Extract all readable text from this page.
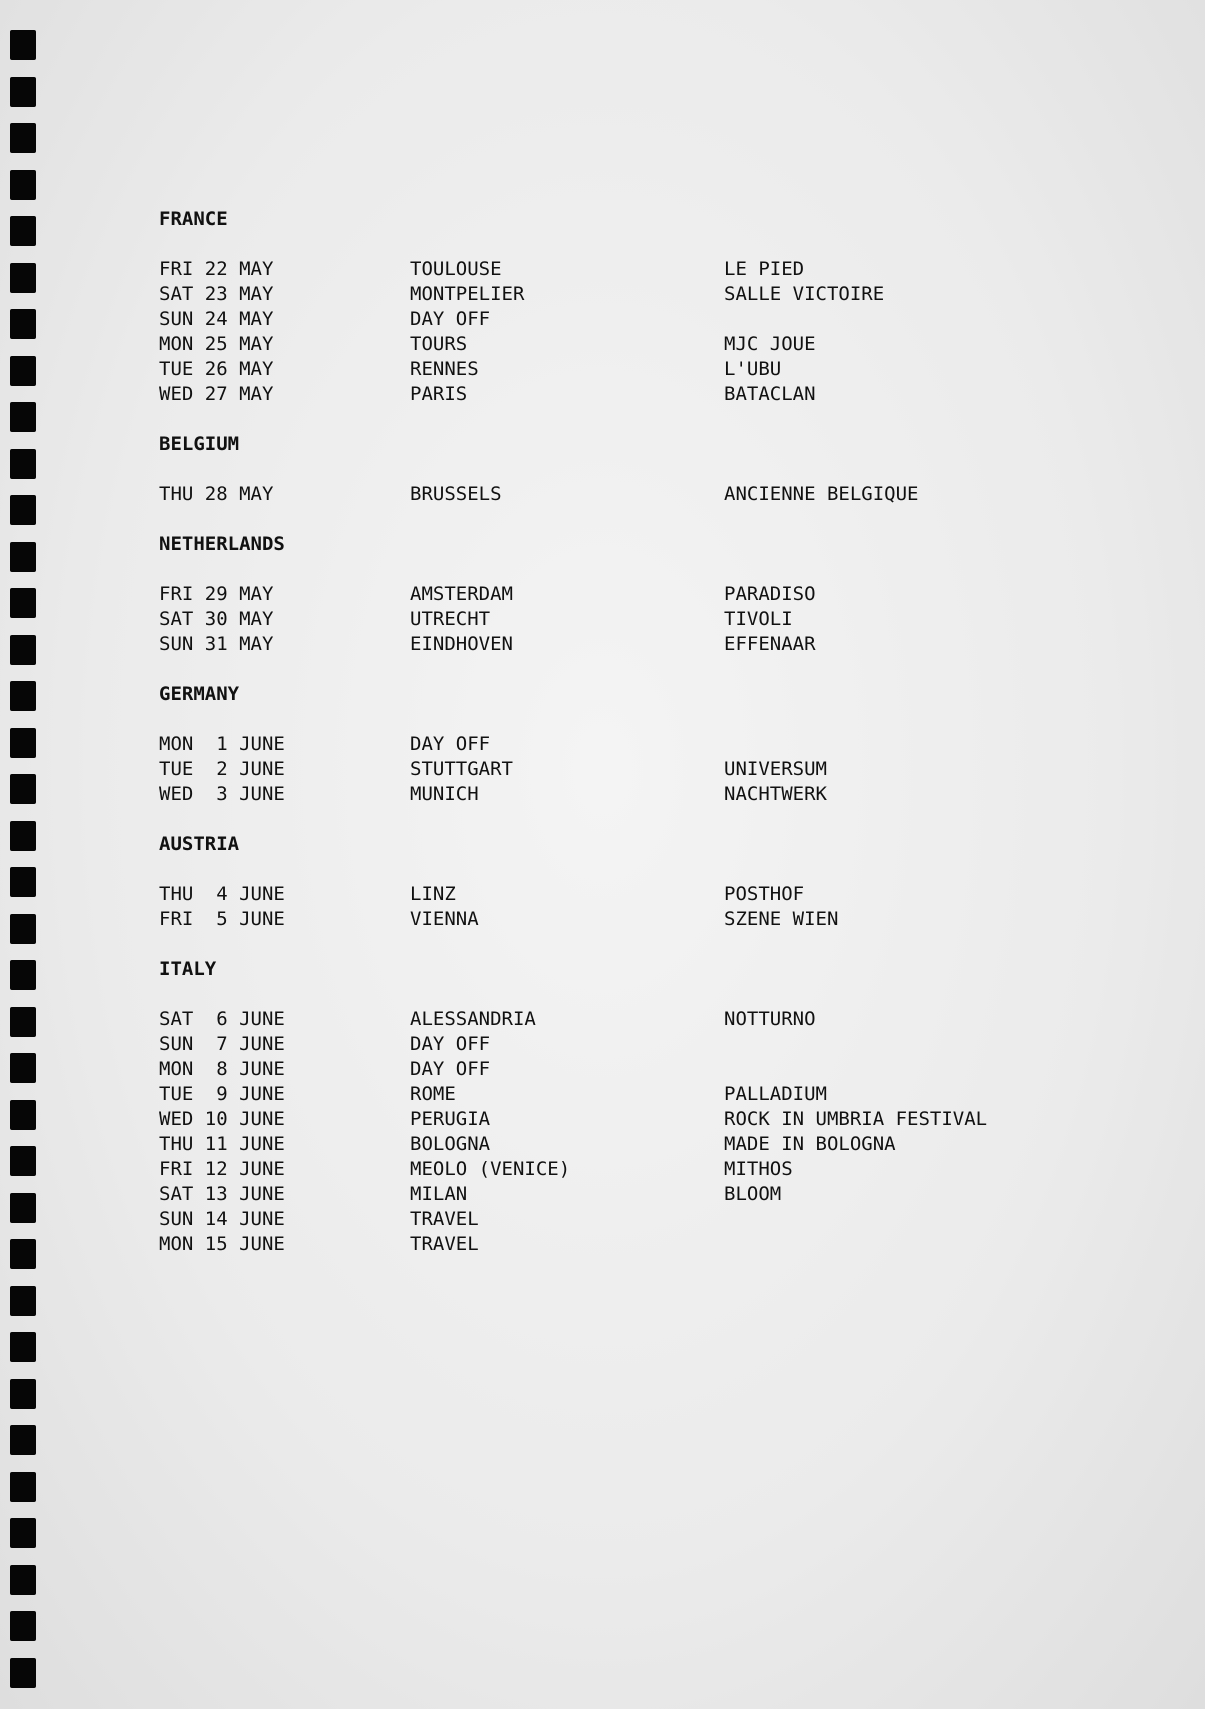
FRANCE
FRI 22 MAY	TOULOUSE	LE PIED
SAT 23 MAY	MONTPELIER	SALLE VICTOIRE
SUN 24 MAY	DAY OFF
MON 25 MAY	TOURS	MJC JOUE
TUE 26 MAY	RENNES	L'UBU
WED 27 MAY	PARIS	BATACLAN
BELGIUM
THU 28 MAY	BRUSSELS	ANCIENNE BELGIQUE
NETHERLANDS
FRI 29 MAY	AMSTERDAM	PARADISO
SAT 30 MAY	UTRECHT	TIVOLI
SUN 31 MAY	EINDHOVEN	EFFENAAR
GERMANY
MON  1 JUNE	DAY OFF
TUE  2 JUNE	STUTTGART	UNIVERSUM
WED  3 JUNE	MUNICH	NACHTWERK
AUSTRIA
THU  4 JUNE	LINZ	POSTHOF
FRI  5 JUNE	VIENNA	SZENE WIEN
ITALY
SAT  6 JUNE	ALESSANDRIA	NOTTURNO
SUN  7 JUNE	DAY OFF
MON  8 JUNE	DAY OFF
TUE  9 JUNE	ROME	PALLADIUM
WED 10 JUNE	PERUGIA	ROCK IN UMBRIA FESTIVAL
THU 11 JUNE	BOLOGNA	MADE IN BOLOGNA
FRI 12 JUNE	MEOLO (VENICE)	MITHOS
SAT 13 JUNE	MILAN	BLOOM
SUN 14 JUNE	TRAVEL
MON 15 JUNE	TRAVEL
